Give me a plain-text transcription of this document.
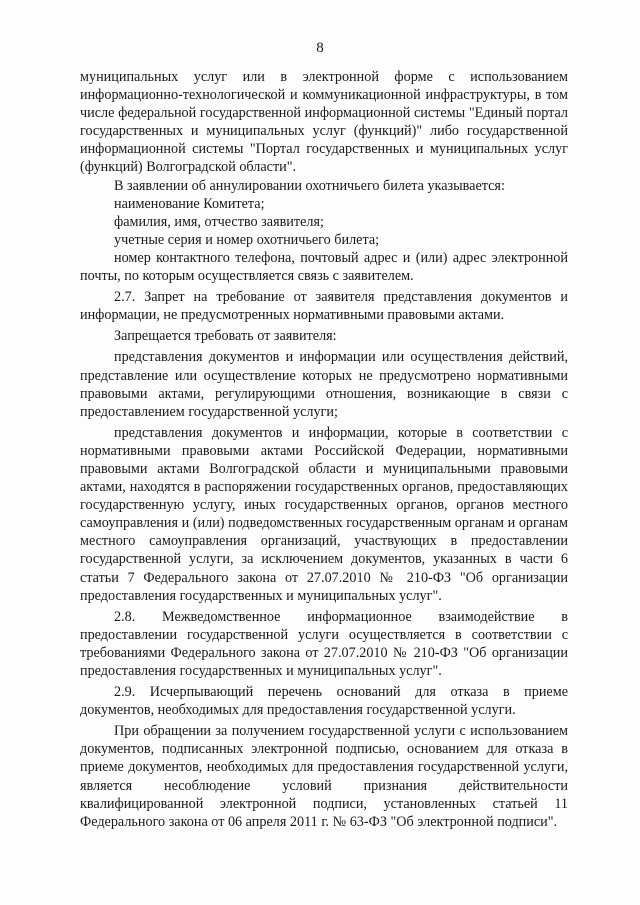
8

муниципальных услуг или в электронной форме с использованием информационно-технологической и коммуникационной инфраструктуры, в том числе федеральной государственной информационной системы "Единый портал государственных и муниципальных услуг (функций)" либо государственной информационной системы "Портал государственных и муниципальных услуг (функций) Волгоградской области".

В заявлении об аннулировании охотничьего билета указывается:

наименование Комитета;

фамилия, имя, отчество заявителя;

учетные серия и номер охотничьего билета;

номер контактного телефона, почтовый адрес и (или) адрес электронной почты, по которым осуществляется связь с заявителем.

2.7. Запрет на требование от заявителя представления документов и информации, не предусмотренных нормативными правовыми актами.

Запрещается требовать от заявителя:

представления документов и информации или осуществления действий, представление или осуществление которых не предусмотрено нормативными правовыми актами, регулирующими отношения, возникающие в связи с предоставлением государственной услуги;

представления документов и информации, которые в соответствии с нормативными правовыми актами Российской Федерации, нормативными правовыми актами Волгоградской области и муниципальными правовыми актами, находятся в распоряжении государственных органов, предоставляющих государственную услугу, иных государственных органов, органов местного самоуправления и (или) подведомственных государственным органам и органам местного самоуправления организаций, участвующих в предоставлении государственной услуги, за исключением документов, указанных в части 6 статьи 7 Федерального закона от 27.07.2010 № 210-ФЗ "Об организации предоставления государственных и муниципальных услуг".

2.8. Межведомственное информационное взаимодействие в предоставлении государственной услуги осуществляется в соответствии с требованиями Федерального закона от 27.07.2010 № 210-ФЗ "Об организации предоставления государственных и муниципальных услуг".

2.9. Исчерпывающий перечень оснований для отказа в приеме документов, необходимых для предоставления государственной услуги.

При обращении за получением государственной услуги с использованием документов, подписанных электронной подписью, основанием для отказа в приеме документов, необходимых для предоставления государственной услуги, является несоблюдение условий признания действительности квалифицированной электронной подписи, установленных статьей 11 Федерального закона от 06 апреля 2011 г. № 63-ФЗ "Об электронной подписи".
